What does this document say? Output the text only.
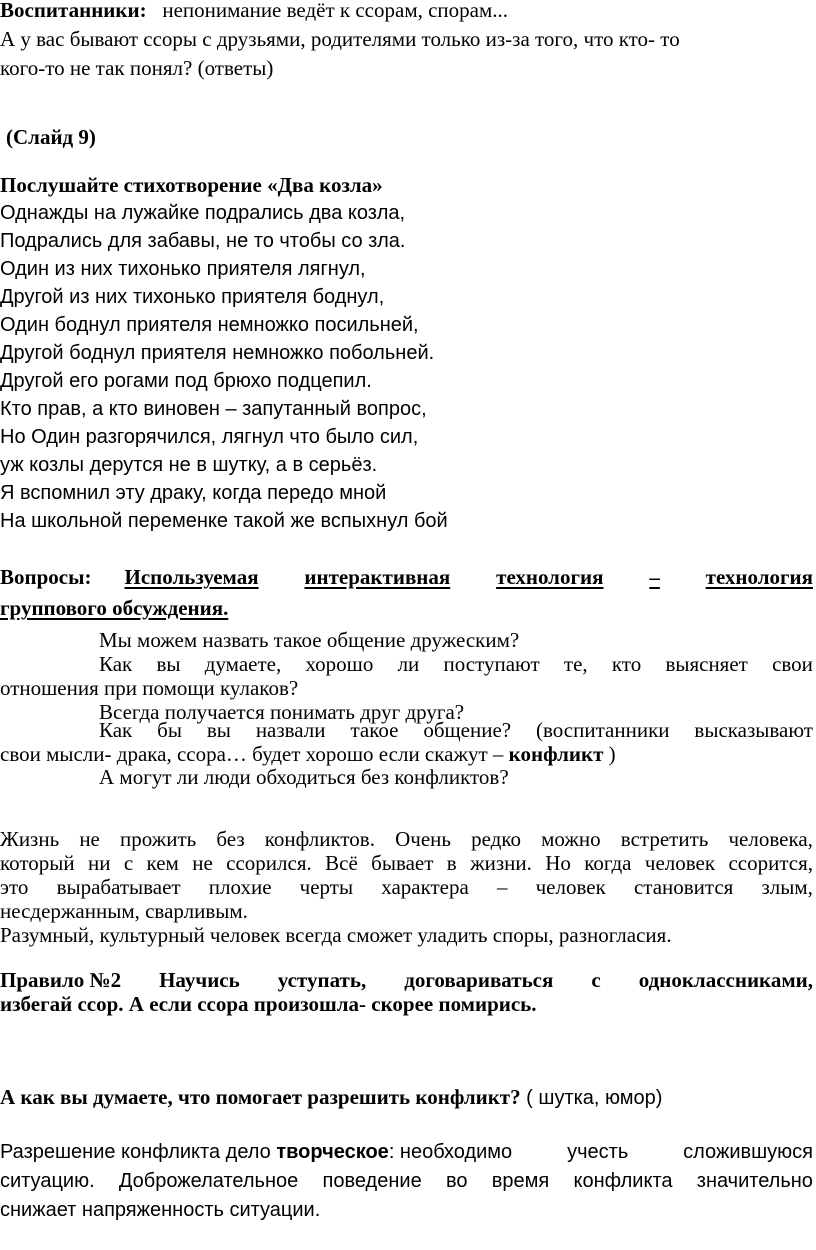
Воспитанники: непонимание ведёт к ссорам, спорам...
А у вас бывают ссоры с друзьями, родителями только из-за того, что кто- то
кого-то не так понял? (ответы)
(Слайд 9)
Послушайте стихотворение «Два козла»
Однажды на лужайке подрались два козла,
Подрались для забавы, не то чтобы со зла.
Один из них тихонько приятеля лягнул,
Другой из них тихонько приятеля боднул,
Один боднул приятеля немножко посильней,
Другой боднул приятеля немножко побольней.
Другой его рогами под брюхо подцепил.
Кто прав, а кто виновен – запутанный вопрос,
Но Один разгорячился, лягнул что было сил,
уж козлы дерутся не в шутку, а в серьёз.
Я вспомнил эту драку, когда передо мной
На школьной переменке такой же вспыхнул бой
Вопросы: Используемая интерактивная технология – технология
группового обсуждения.
Мы можем назвать такое общение дружеским?
Как вы думаете, хорошо ли поступают те, кто выясняет свои
отношения при помощи кулаков?
Всегда получается понимать друг друга?
Как бы вы назвали такое общение? (воспитанники высказывают
свои мысли- драка, ссора… будет хорошо если скажут – конфликт )
А могут ли люди обходиться без конфликтов?
Жизнь не прожить без конфликтов. Очень редко можно встретить человека,
который ни с кем не ссорился. Всё бывает в жизни. Но когда человек ссорится,
это вырабатывает плохие черты характера – человек становится злым,
несдержанным, сварливым.
Разумный, культурный человек всегда сможет уладить споры, разногласия.
Правило №2 Научись уступать, договариваться с одноклассниками,
избегай ссор. А если ссора произошла- скорее помирись.
А как вы думаете, что помогает разрешить конфликт? ( шутка, юмор)
Разрешение конфликта дело творческое: необходимо	учесть	сложившуюся
ситуацию. Доброжелательное поведение во время конфликта значительно
снижает напряженность ситуации.
